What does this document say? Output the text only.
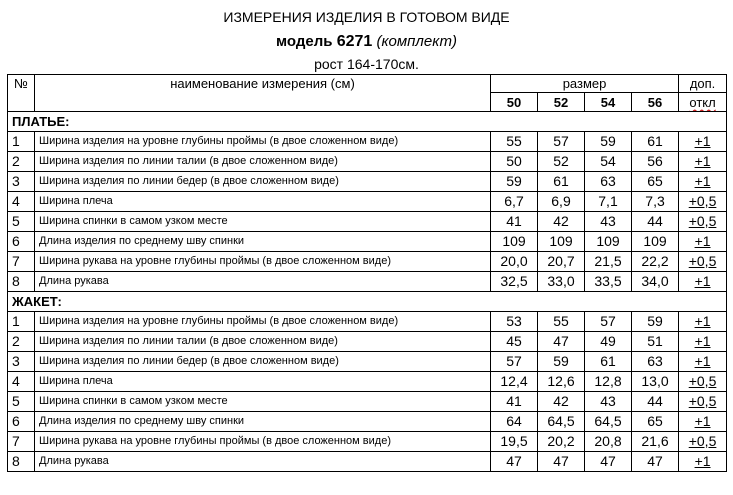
ИЗМЕРЕНИЯ ИЗДЕЛИЯ В ГОТОВОМ ВИДЕ
модель 6271 (комплект)
рост 164-170см.
№	наименование измерения (см)	размер				доп.
		50	52	54	56	откл
ПЛАТЬЕ:						
1	Ширина изделия на уровне глубины проймы (в двое сложенном виде)	55	57	59	61	+1
2	Ширина изделия по линии талии (в двое сложенном виде)	50	52	54	56	+1
3	Ширина изделия по линии бедер (в двое сложенном виде)	59	61	63	65	+1
4	Ширина плеча	6,7	6,9	7,1	7,3	+0,5
5	Ширина спинки в самом узком месте	41	42	43	44	+0,5
6	Длина изделия по среднему шву спинки	109	109	109	109	+1
7	Ширина рукава на уровне глубины проймы (в двое сложенном виде)	20,0	20,7	21,5	22,2	+0,5
8	Длина рукава	32,5	33,0	33,5	34,0	+1
ЖАКЕТ:						
1	Ширина изделия на уровне глубины проймы (в двое сложенном виде)	53	55	57	59	+1
2	Ширина изделия по линии талии (в двое сложенном виде)	45	47	49	51	+1
3	Ширина изделия по линии бедер (в двое сложенном виде)	57	59	61	63	+1
4	Ширина плеча	12,4	12,6	12,8	13,0	+0,5
5	Ширина спинки в самом узком месте	41	42	43	44	+0,5
6	Длина изделия по среднему шву спинки	64	64,5	64,5	65	+1
7	Ширина рукава на уровне глубины проймы (в двое сложенном виде)	19,5	20,2	20,8	21,6	+0,5
8	Длина рукава	47	47	47	47	+1
